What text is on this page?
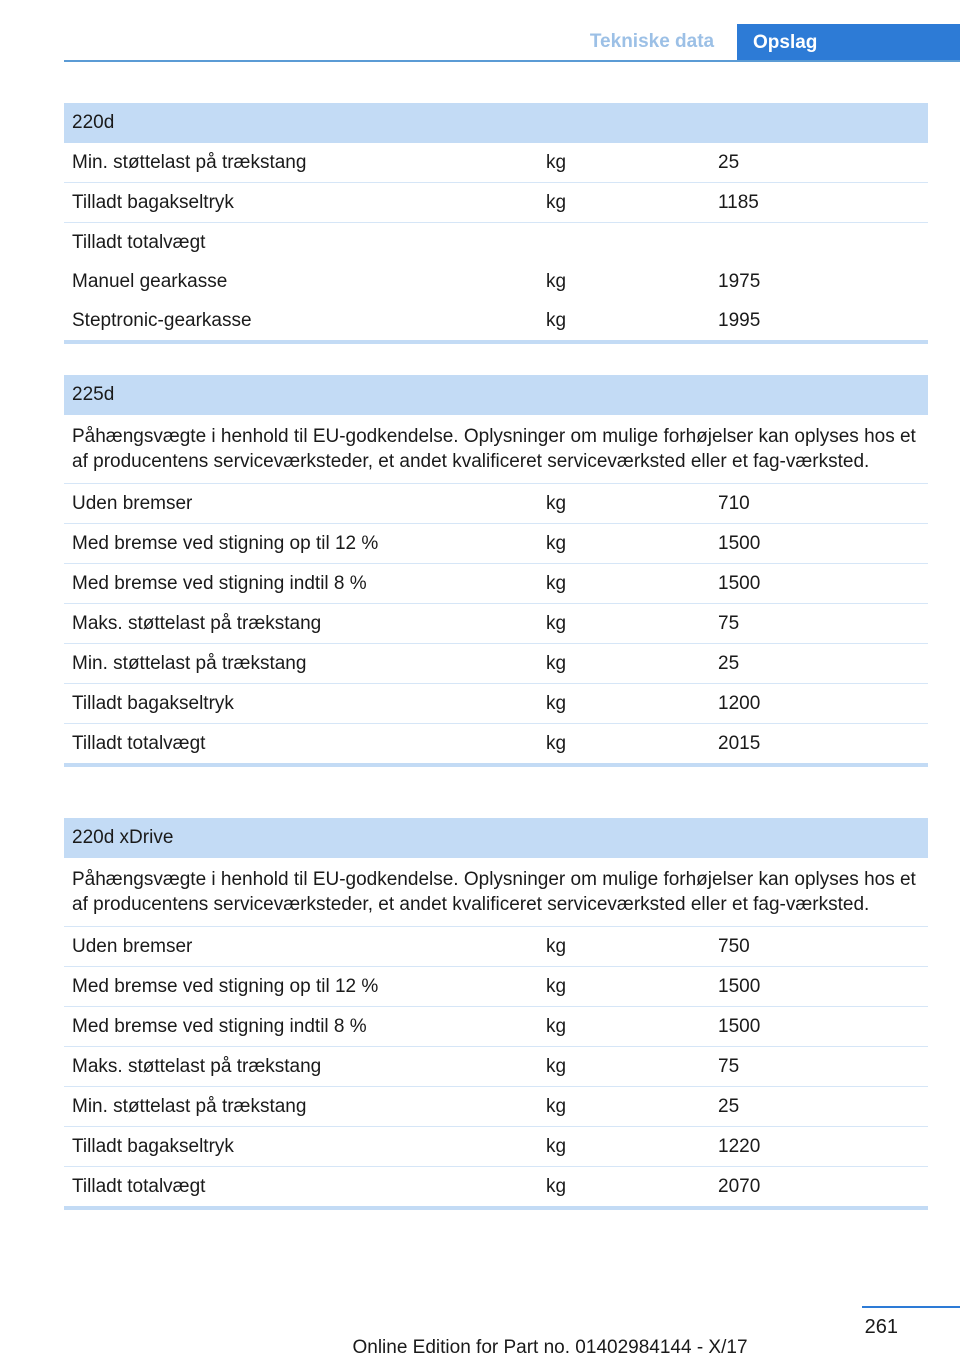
Tekniske data	Opslag
220d
Min. støttelast på trækstang	kg	25
Tilladt bagakseltryk	kg	1185
Tilladt totalvægt
Manuel gearkasse	kg	1975
Steptronic-gearkasse	kg	1995
225d
Påhængsvægte i henhold til EU-godkendelse. Oplysninger om mulige forhøjelser kan oplyses hos et af producentens serviceværksteder, et andet kvalificeret serviceværksted eller et fag-værksted.
Uden bremser	kg	710
Med bremse ved stigning op til 12 %	kg	1500
Med bremse ved stigning indtil 8 %	kg	1500
Maks. støttelast på trækstang	kg	75
Min. støttelast på trækstang	kg	25
Tilladt bagakseltryk	kg	1200
Tilladt totalvægt	kg	2015
220d xDrive
Påhængsvægte i henhold til EU-godkendelse. Oplysninger om mulige forhøjelser kan oplyses hos et af producentens serviceværksteder, et andet kvalificeret serviceværksted eller et fag-værksted.
Uden bremser	kg	750
Med bremse ved stigning op til 12 %	kg	1500
Med bremse ved stigning indtil 8 %	kg	1500
Maks. støttelast på trækstang	kg	75
Min. støttelast på trækstang	kg	25
Tilladt bagakseltryk	kg	1220
Tilladt totalvægt	kg	2070
261
Online Edition for Part no. 01402984144 - X/17
